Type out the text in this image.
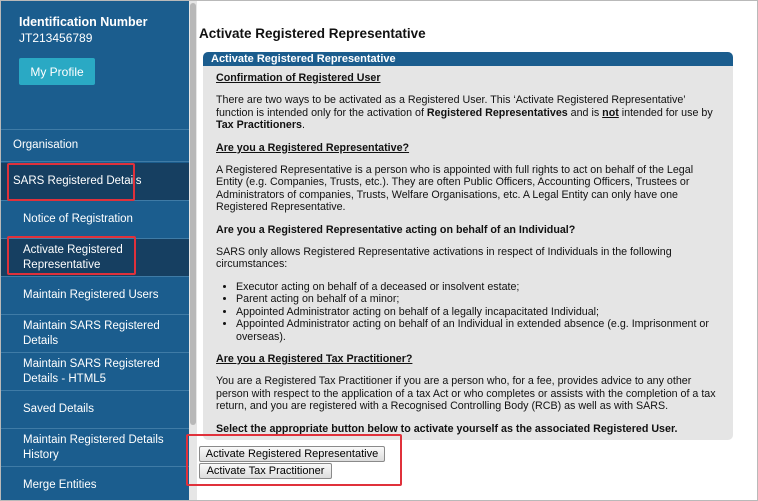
Identification Number
JT213456789
My Profile
Organisation
SARS Registered Details
Notice of Registration
Activate Registered
Representative
Maintain Registered Users
Maintain SARS Registered
Details
Maintain SARS Registered
Details - HTML5
Saved Details
Maintain Registered Details
History
Merge Entities
Activate Registered Representative
Activate Registered Representative

Confirmation of Registered User

There are two ways to be activated as a Registered User. This ‘Activate Registered Representative’ function is intended only for the activation of Registered Representatives and is not intended for use by Tax Practitioners.

Are you a Registered Representative?

A Registered Representative is a person who is appointed with full rights to act on behalf of the Legal Entity (e.g. Companies, Trusts, etc.). They are often Public Officers, Accounting Officers, Trustees or Administrators of companies, Trusts, Welfare Organisations, etc. A Legal Entity can only have one Registered Representative.

Are you a Registered Representative acting on behalf of an Individual?

SARS only allows Registered Representative activations in respect of Individuals in the following circumstances:

• Executor acting on behalf of a deceased or insolvent estate;
• Parent acting on behalf of a minor;
• Appointed Administrator acting on behalf of a legally incapacitated Individual;
• Appointed Administrator acting on behalf of an Individual in extended absence (e.g. Imprisonment or overseas).

Are you a Registered Tax Practitioner?

You are a Registered Tax Practitioner if you are a person who, for a fee, provides advice to any other person with respect to the application of a tax Act or who completes or assists with the completion of a tax return, and you are registered with a Recognised Controlling Body (RCB) as well as with SARS.

Select the appropriate button below to activate yourself as the associated Registered User.

Activate Registered Representative
Activate Tax Practitioner
